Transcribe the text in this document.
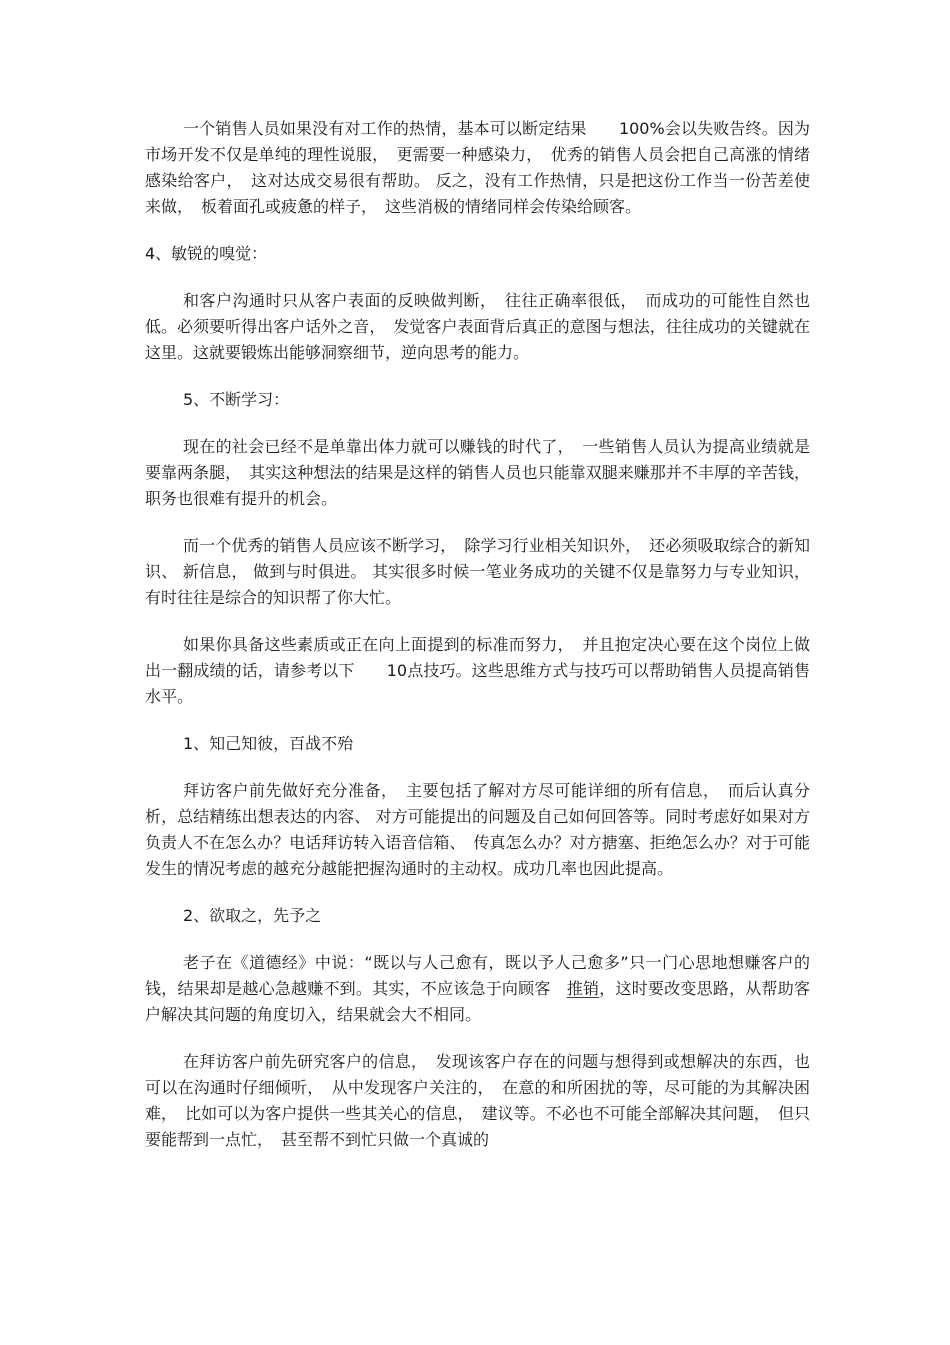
一个销售人员如果没有对工作的热情，基本可以断定结果　　100%会以失败告终。因为市场开发不仅是单纯的理性说服，　更需要一种感染力，　优秀的销售人员会把自己高涨的情绪感染给客户，　这对达成交易很有帮助。 反之，没有工作热情，只是把这份工作当一份苦差使来做，　板着面孔或疲惫的样子，　这些消极的情绪同样会传染给顾客。

4、敏锐的嗅觉：

和客户沟通时只从客户表面的反映做判断，　往往正确率很低，　而成功的可能性自然也低。必须要听得出客户话外之音，　发觉客户表面背后真正的意图与想法，往往成功的关键就在这里。这就要锻炼出能够洞察细节，逆向思考的能力。

5、不断学习：

现在的社会已经不是单靠出体力就可以赚钱的时代了，　一些销售人员认为提高业绩就是要靠两条腿，　其实这种想法的结果是这样的销售人员也只能靠双腿来赚那并不丰厚的辛苦钱，职务也很难有提升的机会。

而一个优秀的销售人员应该不断学习，　除学习行业相关知识外，　还必须吸取综合的新知识、 新信息， 做到与时俱进。 其实很多时候一笔业务成功的关键不仅是靠努力与专业知识，有时往往是综合的知识帮了你大忙。

如果你具备这些素质或正在向上面提到的标准而努力，　并且抱定决心要在这个岗位上做出一翻成绩的话，请参考以下　　10点技巧。这些思维方式与技巧可以帮助销售人员提高销售水平。

1、知己知彼，百战不殆

拜访客户前先做好充分准备，　主要包括了解对方尽可能详细的所有信息，　而后认真分析，总结精练出想表达的内容、 对方可能提出的问题及自己如何回答等。同时考虑好如果对方负责人不在怎么办？电话拜访转入语音信箱、　传真怎么办？对方搪塞、拒绝怎么办？对于可能发生的情况考虑的越充分越能把握沟通时的主动权。成功几率也因此提高。

2、欲取之，先予之

老子在《道德经》中说：“既以与人己愈有，既以予人己愈多”只一门心思地想赚客户的钱，结果却是越心急越赚不到。其实，不应该急于向顾客　推销，这时要改变思路，从帮助客户解决其问题的角度切入，结果就会大不相同。

在拜访客户前先研究客户的信息，　发现该客户存在的问题与想得到或想解决的东西，也可以在沟通时仔细倾听，　从中发现客户关注的，　在意的和所困扰的等，尽可能的为其解决困难，　比如可以为客户提供一些其关心的信息，　建议等。不必也不可能全部解决其问题，　但只要能帮到一点忙，　甚至帮不到忙只做一个真诚的
